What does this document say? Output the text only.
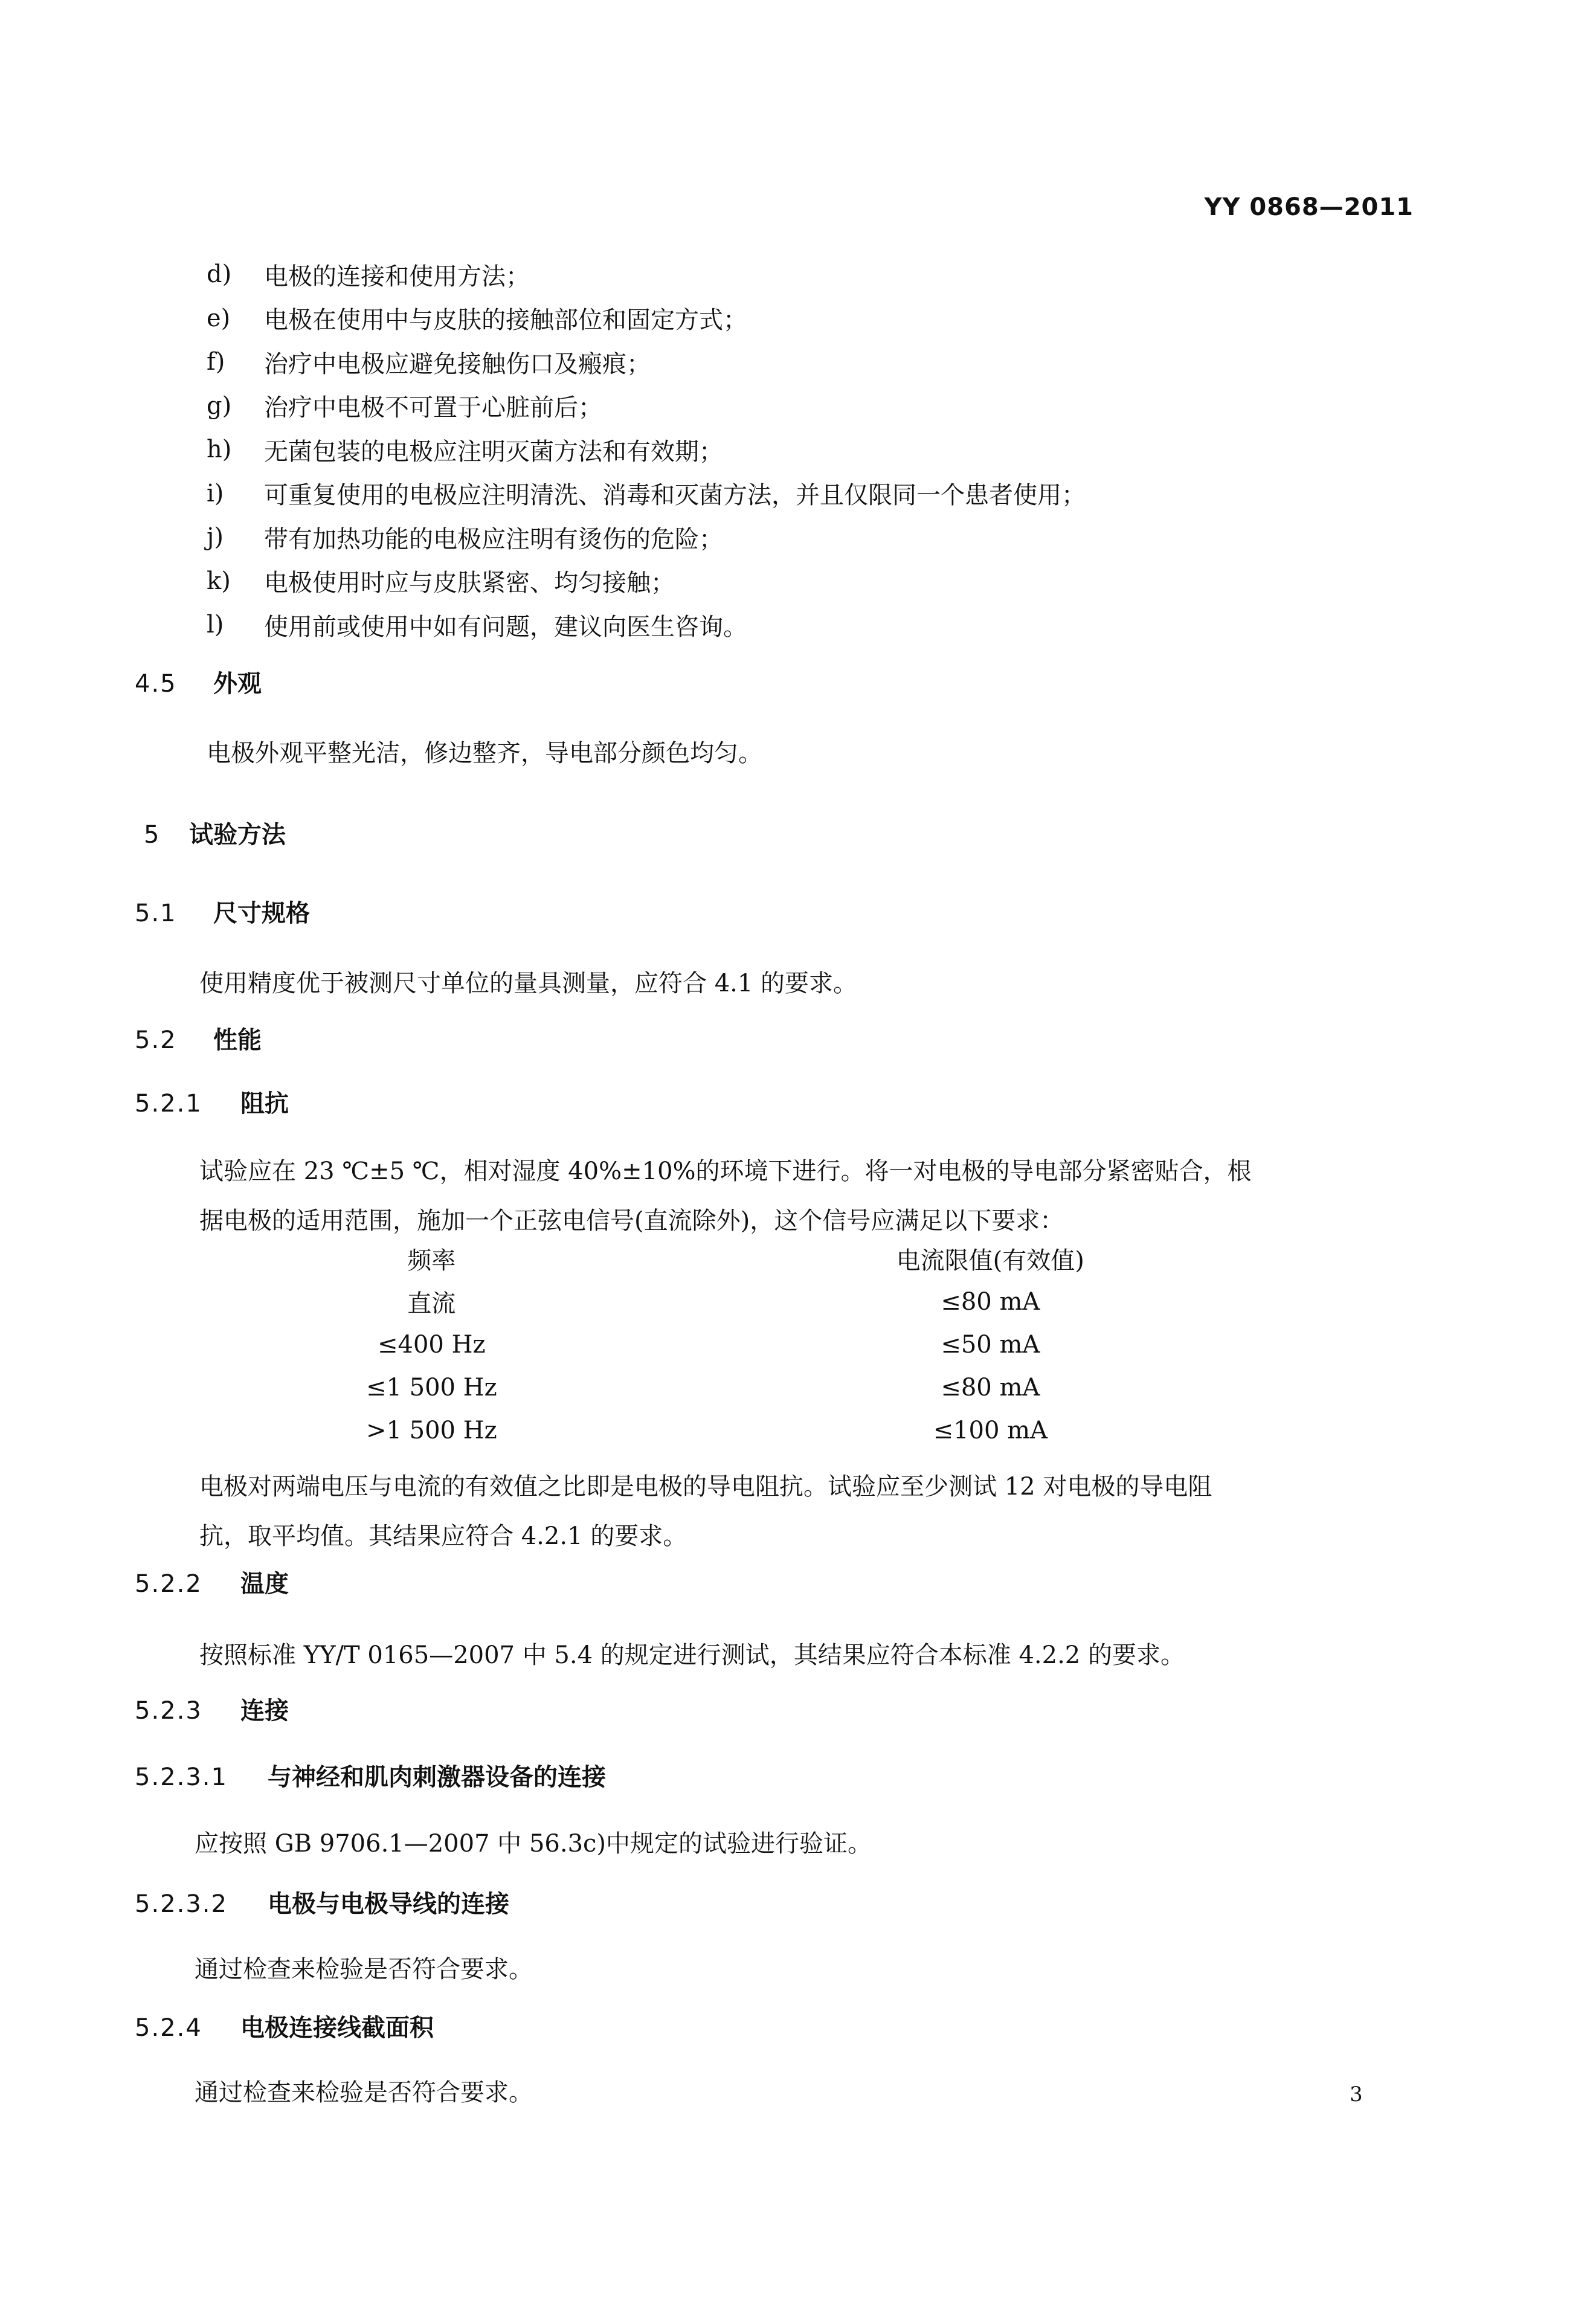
YY 0868—2011
d)	电极的连接和使用方法；
e)	电极在使用中与皮肤的接触部位和固定方式；
f)	治疗中电极应避免接触伤口及瘢痕；
g)	治疗中电极不可置于心脏前后；
h)	无菌包装的电极应注明灭菌方法和有效期；
i)	可重复使用的电极应注明清洗、消毒和灭菌方法，并且仅限同一个患者使用；
j)	带有加热功能的电极应注明有烫伤的危险；
k)	电极使用时应与皮肤紧密、均匀接触；
l)	使用前或使用中如有问题，建议向医生咨询。
4.5 外观
电极外观平整光洁，修边整齐，导电部分颜色均匀。
5 试验方法
5.1 尺寸规格
使用精度优于被测尺寸单位的量具测量，应符合 4.1 的要求。
5.2 性能
5.2.1 阻抗
试验应在 23 ℃±5 ℃，相对湿度 40%±10%的环境下进行。将一对电极的导电部分紧密贴合，根
据电极的适用范围，施加一个正弦电信号(直流除外)，这个信号应满足以下要求：
频率	电流限值(有效值)
直流	≤80 mA
≤400 Hz	≤50 mA
≤1 500 Hz	≤80 mA
>1 500 Hz	≤100 mA
电极对两端电压与电流的有效值之比即是电极的导电阻抗。试验应至少测试 12 对电极的导电阻
抗，取平均值。其结果应符合 4.2.1 的要求。
5.2.2 温度
按照标准 YY/T 0165—2007 中 5.4 的规定进行测试，其结果应符合本标准 4.2.2 的要求。
5.2.3 连接
5.2.3.1 与神经和肌肉刺激器设备的连接
应按照 GB 9706.1—2007 中 56.3c)中规定的试验进行验证。
5.2.3.2 电极与电极导线的连接
通过检查来检验是否符合要求。
5.2.4 电极连接线截面积
通过检查来检验是否符合要求。	3
